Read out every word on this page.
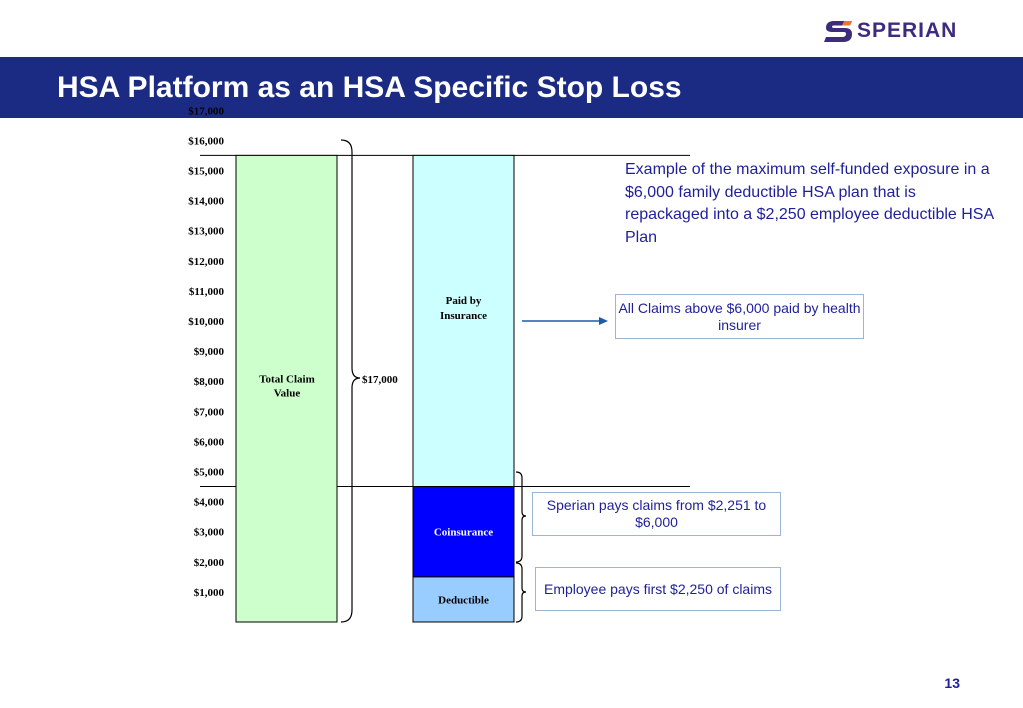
SPERIAN
HSA Platform as an HSA Specific Stop Loss
$17,000
$16,000
$15,000
$14,000
$13,000
$12,000
$11,000
$10,000
$9,000
$8,000
$7,000
$6,000
$5,000
$4,000
$3,000
$2,000
$1,000
Total Claim
Value
Deductible
Coinsurance
Paid by
Insurance
$17,000
Example of the maximum self-funded exposure in a $6,000 family deductible HSA plan that is repackaged into a $2,250 employee deductible HSA Plan
All Claims above $6,000 paid by health insurer
Sperian pays claims from $2,251 to $6,000
Employee pays first $2,250 of claims
13
